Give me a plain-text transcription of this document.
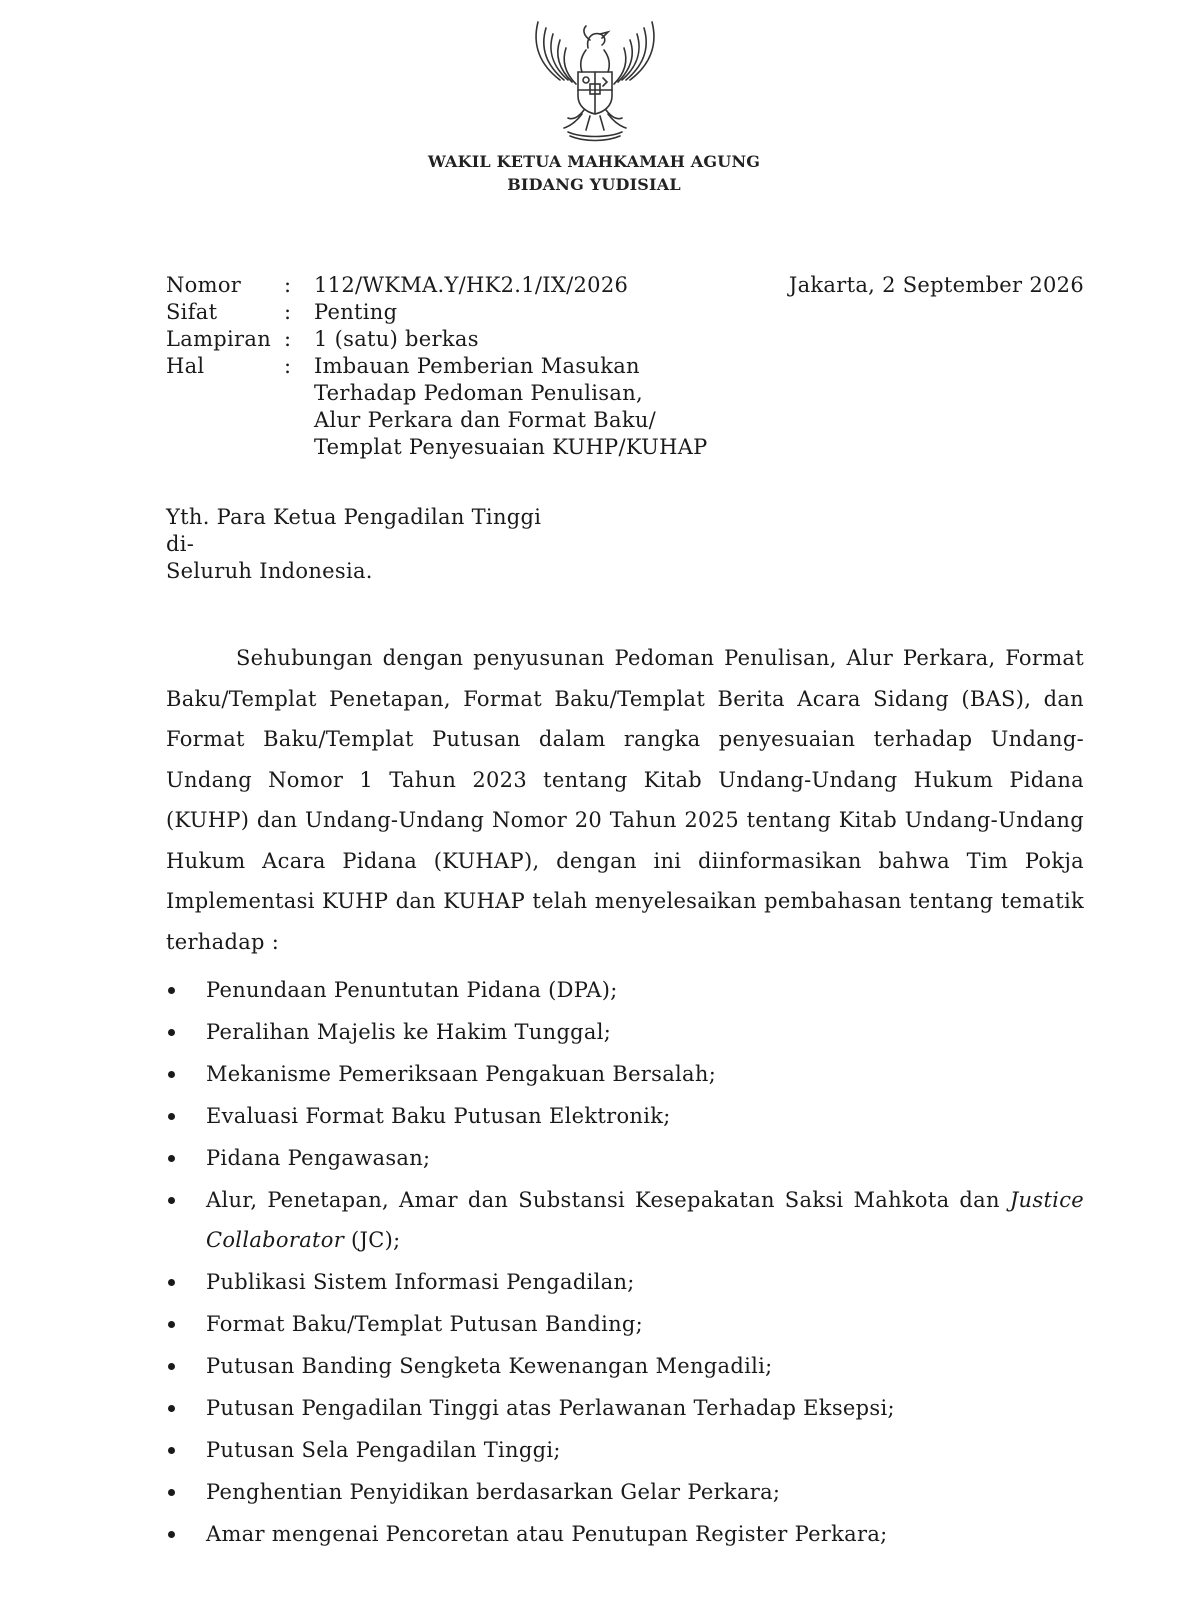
WAKIL KETUA MAHKAMAH AGUNG
BIDANG YUDISIAL
Nomor	:	112/WKMA.Y/HK2.1/IX/2026
Sifat	:	Penting
Lampiran :	1 (satu) berkas
Hal	:	Imbauan Pemberian Masukan
Terhadap Pedoman Penulisan,
Alur Perkara dan Format Baku/
Templat Penyesuaian KUHP/KUHAP
Jakarta, 2 September 2026
Yth. Para Ketua Pengadilan Tinggi
di-
Seluruh Indonesia.
Sehubungan dengan penyusunan Pedoman Penulisan, Alur Perkara, Format Baku/Templat Penetapan, Format Baku/Templat Berita Acara Sidang (BAS), dan Format Baku/Templat Putusan dalam rangka penyesuaian terhadap Undang-Undang Nomor 1 Tahun 2023 tentang Kitab Undang-Undang Hukum Pidana (KUHP) dan Undang-Undang Nomor 20 Tahun 2025 tentang Kitab Undang-Undang Hukum Acara Pidana (KUHAP), dengan ini diinformasikan bahwa Tim Pokja Implementasi KUHP dan KUHAP telah menyelesaikan pembahasan tentang tematik terhadap :
Penundaan Penuntutan Pidana (DPA);
Peralihan Majelis ke Hakim Tunggal;
Mekanisme Pemeriksaan Pengakuan Bersalah;
Evaluasi Format Baku Putusan Elektronik;
Pidana Pengawasan;
Alur, Penetapan, Amar dan Substansi Kesepakatan Saksi Mahkota dan Justice Collaborator (JC);
Publikasi Sistem Informasi Pengadilan;
Format Baku/Templat Putusan Banding;
Putusan Banding Sengketa Kewenangan Mengadili;
Putusan Pengadilan Tinggi atas Perlawanan Terhadap Eksepsi;
Putusan Sela Pengadilan Tinggi;
Penghentian Penyidikan berdasarkan Gelar Perkara;
Amar mengenai Pencoretan atau Penutupan Register Perkara;
